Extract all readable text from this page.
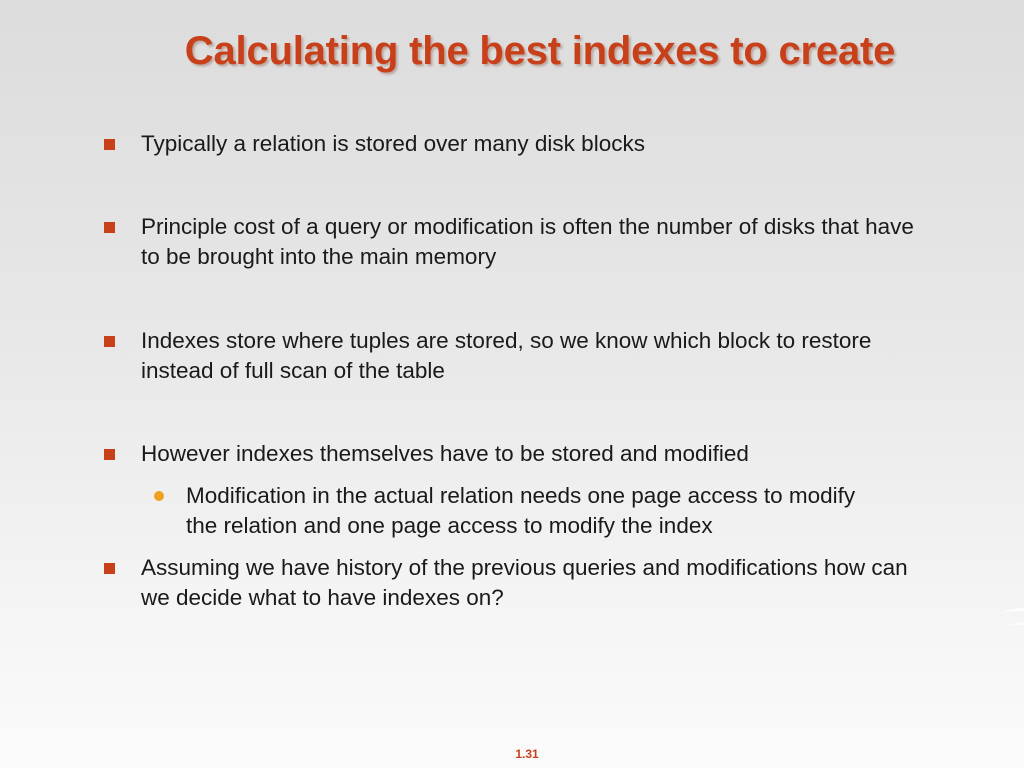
Calculating the best indexes to create
Typically a relation is stored over many disk blocks
Principle cost of a query or modification is often the number of disks that have to be brought into the main memory
Indexes store where tuples are stored, so we know which block to restore instead of full scan of the table
However indexes themselves have to be stored and modified
Modification in the actual relation needs one page access to modify the relation and one page access to modify the index
Assuming we have history of the previous queries and modifications how can we decide what to have indexes on?
1.31
